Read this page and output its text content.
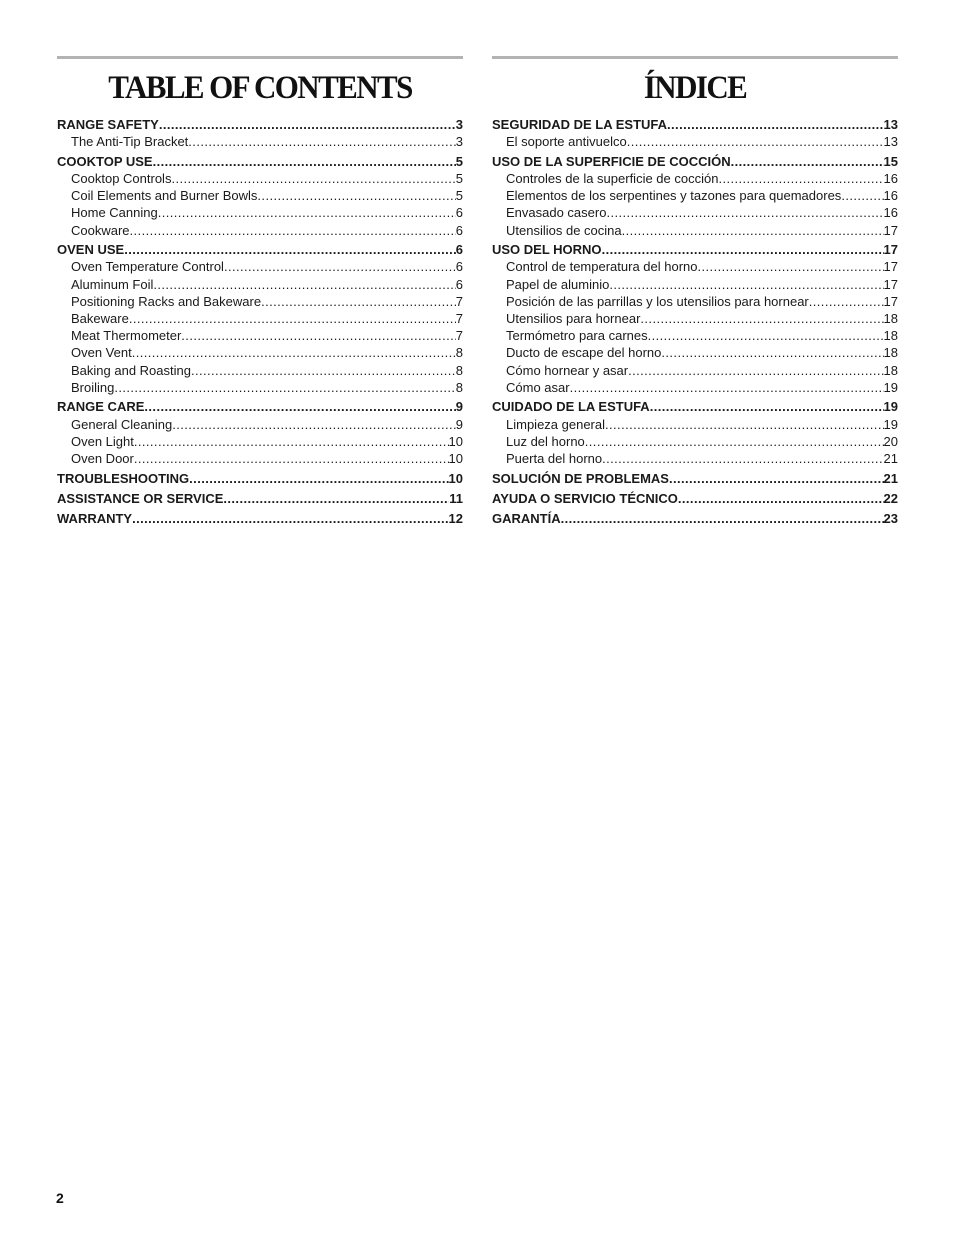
TABLE OF CONTENTS
RANGE SAFETY .....	3
The Anti-Tip Bracket .....	3
COOKTOP USE .....	5
Cooktop Controls .....	5
Coil Elements and Burner Bowls .....	5
Home Canning .....	6
Cookware .....	6
OVEN USE .....	6
Oven Temperature Control .....	6
Aluminum Foil .....	6
Positioning Racks and Bakeware .....	7
Bakeware .....	7
Meat Thermometer .....	7
Oven Vent .....	8
Baking and Roasting .....	8
Broiling .....	8
RANGE CARE .....	9
General Cleaning .....	9
Oven Light .....	10
Oven Door .....	10
TROUBLESHOOTING .....	10
ASSISTANCE OR SERVICE .....	11
WARRANTY .....	12
ÍNDICE
SEGURIDAD DE LA ESTUFA .....	13
El soporte antivuelco .....	13
USO DE LA SUPERFICIE DE COCCIÓN .....	15
Controles de la superficie de cocción .....	16
Elementos de los serpentines y tazones para quemadores .....	16
Envasado casero .....	16
Utensilios de cocina .....	17
USO DEL HORNO .....	17
Control de temperatura del horno .....	17
Papel de aluminio .....	17
Posición de las parrillas y los utensilios para hornear .....	17
Utensilios para hornear .....	18
Termómetro para carnes .....	18
Ducto de escape del horno .....	18
Cómo hornear y asar .....	18
Cómo asar .....	19
CUIDADO DE LA ESTUFA .....	19
Limpieza general .....	19
Luz del horno .....	20
Puerta del horno .....	21
SOLUCIÓN DE PROBLEMAS .....	21
AYUDA O SERVICIO TÉCNICO .....	22
GARANTÍA .....	23
2
